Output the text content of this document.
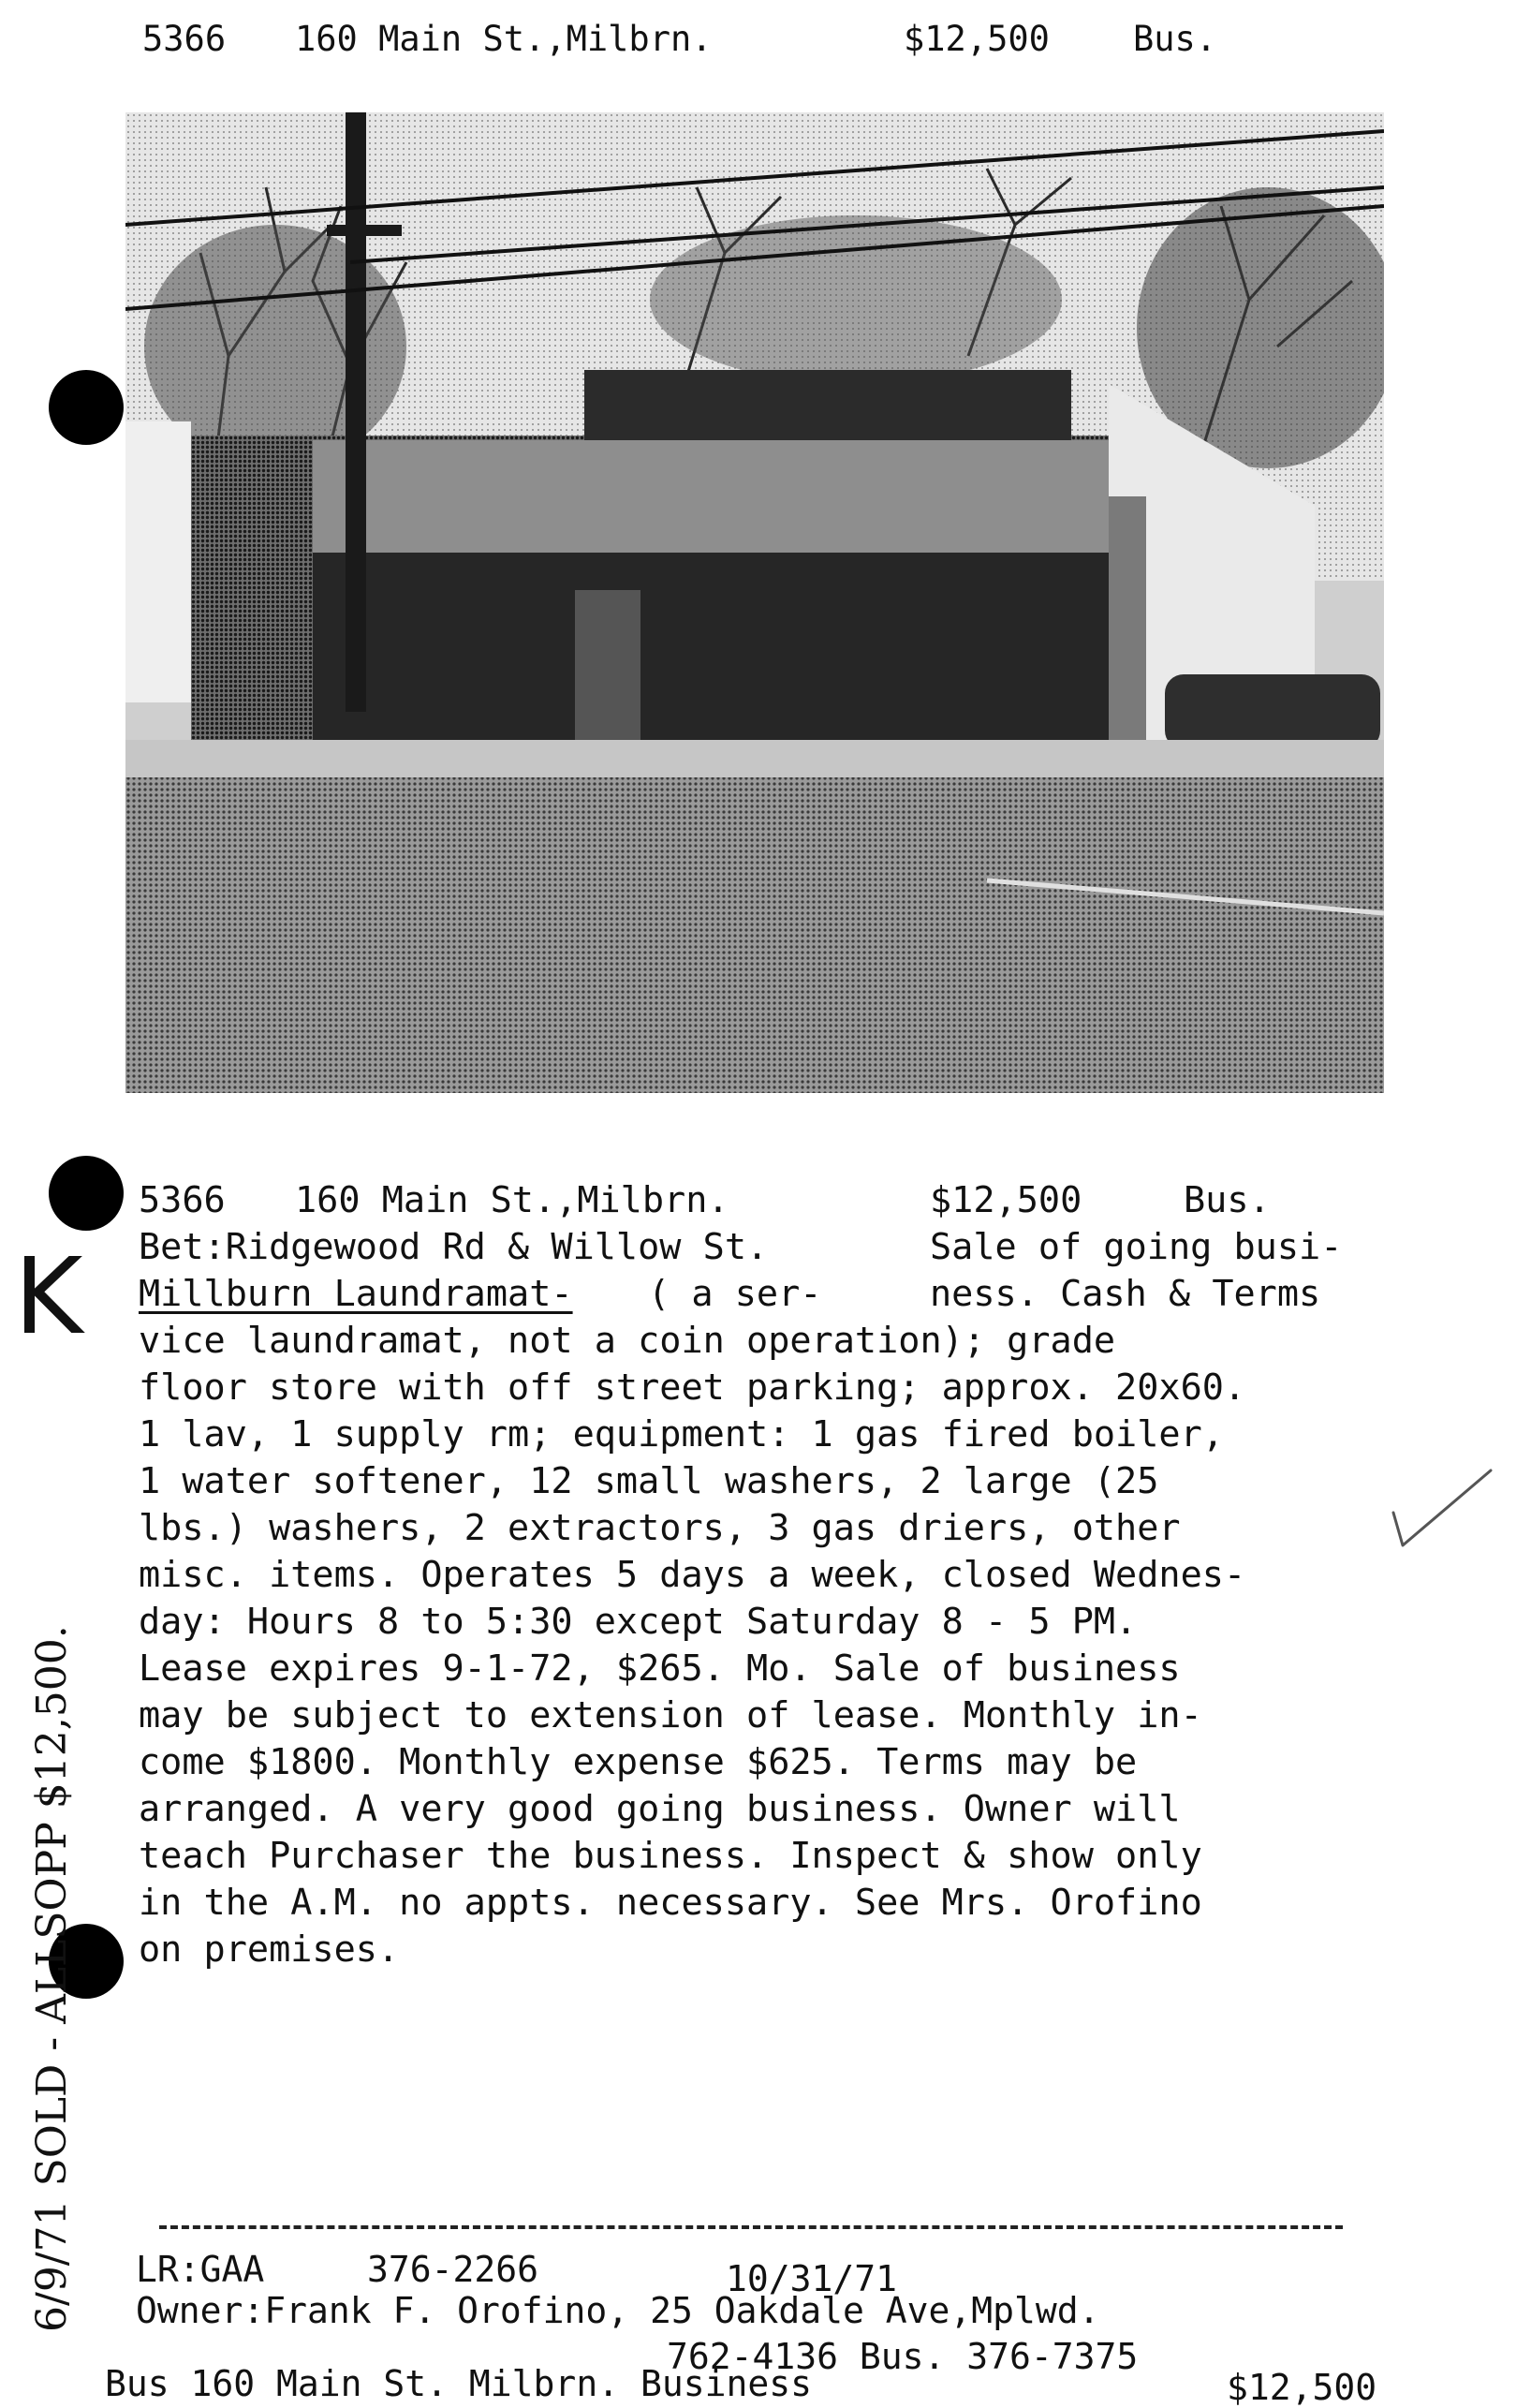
5366 160 Main St.,Milbrn.	$12,500 Bus.
K
6/9/71 SOLD - ALLSOPP $12,500.
5366 160 Main St.,Milbrn.	$12,500	Bus.
Bet:Ridgewood Rd & Willow St.	Sale of going busi-
Millburn Laundramat- ( a ser-	ness. Cash & Terms
vice laundramat, not a coin operation); grade
floor store with off street parking; approx. 20x60.
1 lav, 1 supply rm; equipment: 1 gas fired boiler,
1 water softener, 12 small washers, 2 large (25
lbs.) washers, 2 extractors, 3 gas driers, other
misc. items. Operates 5 days a week, closed Wednes-
day: Hours 8 to 5:30 except Saturday 8 - 5 PM.
Lease expires 9-1-72, $265. Mo. Sale of business
may be subject to extension of lease. Monthly in-
come $1800. Monthly expense $625. Terms may be
arranged. A very good going business. Owner will
teach Purchaser the business. Inspect & show only
in the A.M. no appts. necessary. See Mrs. Orofino
on premises.
LR:GAA	376-2266	10/31/71
Owner:Frank F. Orofino, 25 Oakdale Ave,Mplwd.
762-4136 Bus. 376-7375
Bus 160 Main St. Milbrn. Business	$12,500
